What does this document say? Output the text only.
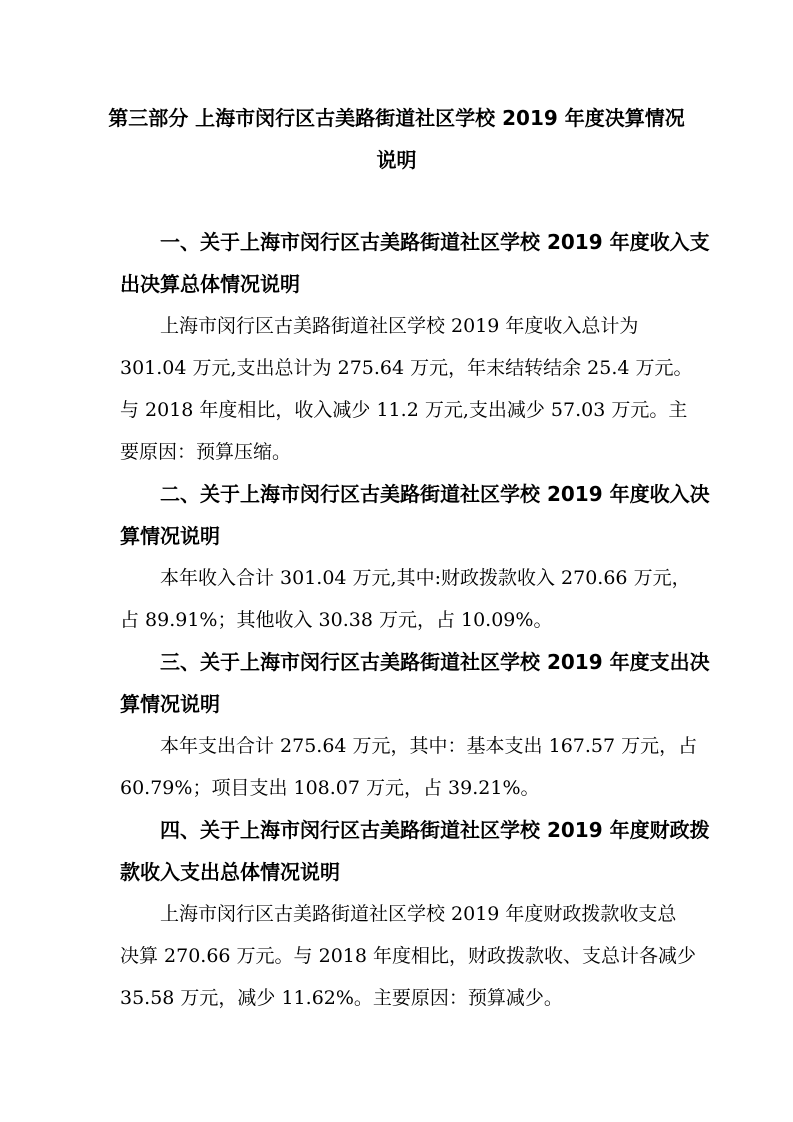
第三部分 上海市闵行区古美路街道社区学校 2019 年度决算情况
说明
一、关于上海市闵行区古美路街道社区学校 2019 年度收入支
出决算总体情况说明
上海市闵行区古美路街道社区学校 2019 年度收入总计为
301.04 万元,支出总计为 275.64 万元，年末结转结余 25.4 万元。
与 2018 年度相比，收入减少 11.2 万元,支出减少 57.03 万元。主
要原因：预算压缩。
二、关于上海市闵行区古美路街道社区学校 2019 年度收入决
算情况说明
本年收入合计 301.04 万元,其中:财政拨款收入 270.66 万元，
占 89.91%；其他收入 30.38 万元，占 10.09%。
三、关于上海市闵行区古美路街道社区学校 2019 年度支出决
算情况说明
本年支出合计 275.64 万元，其中：基本支出 167.57 万元，占
60.79%；项目支出 108.07 万元，占 39.21%。
四、关于上海市闵行区古美路街道社区学校 2019 年度财政拨
款收入支出总体情况说明
上海市闵行区古美路街道社区学校 2019 年度财政拨款收支总
决算 270.66 万元。与 2018 年度相比，财政拨款收、支总计各减少
35.58 万元，减少 11.62%。主要原因：预算减少。
